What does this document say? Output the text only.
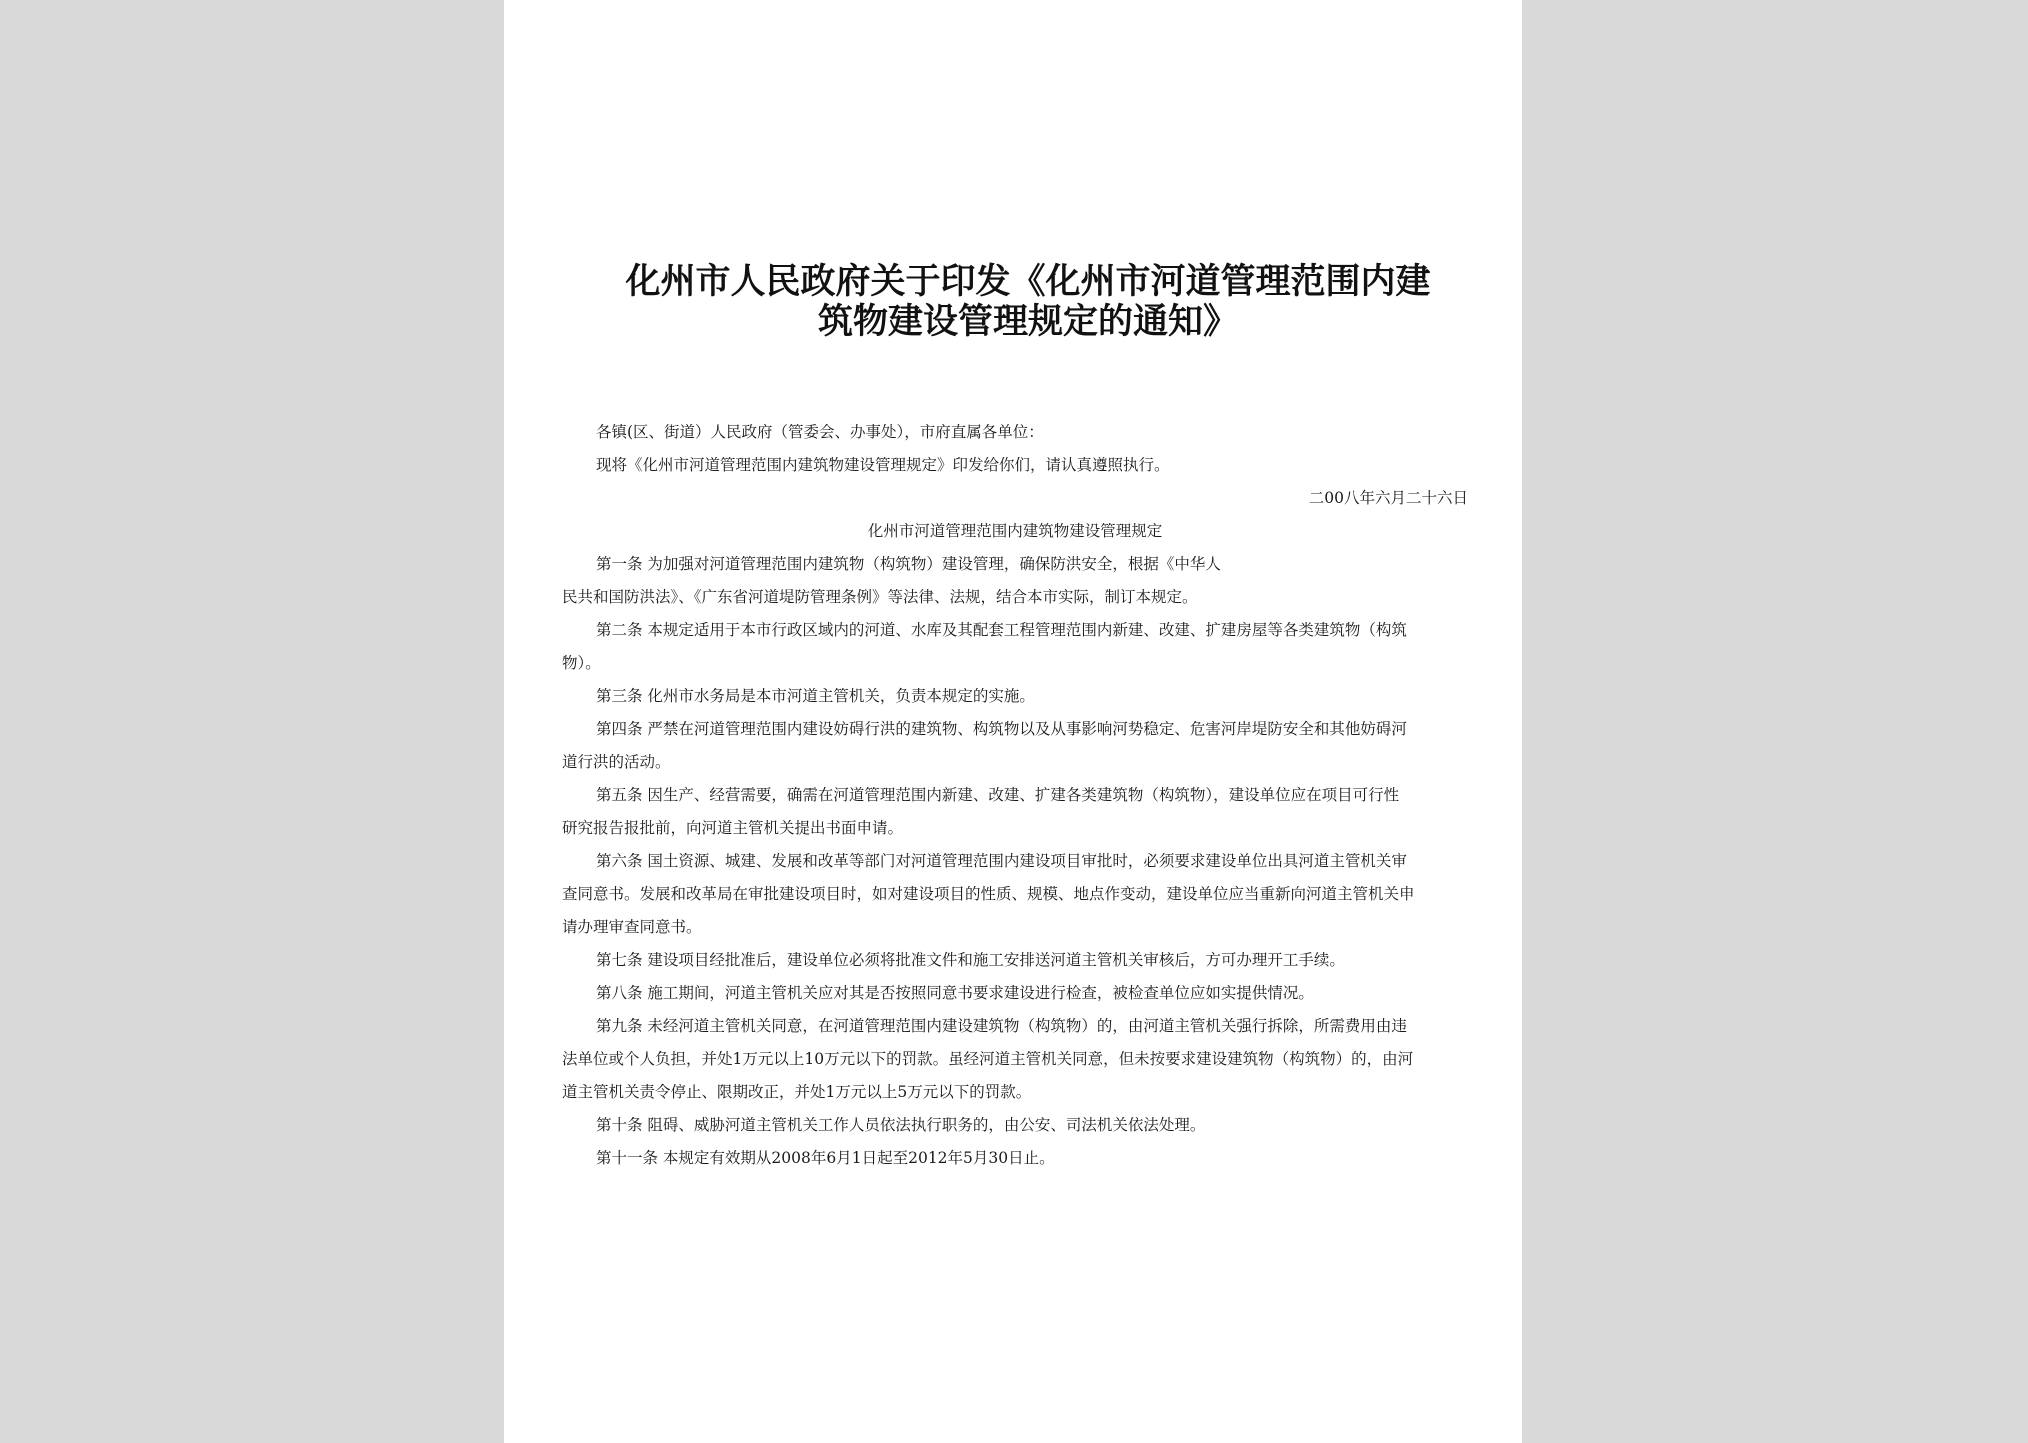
化州市人民政府关于印发《化州市河道管理范围内建
筑物建设管理规定的通知》
各镇(区、街道）人民政府（管委会、办事处），市府直属各单位：
现将《化州市河道管理范围内建筑物建设管理规定》印发给你们，请认真遵照执行。
二00八年六月二十六日
化州市河道管理范围内建筑物建设管理规定
第一条 为加强对河道管理范围内建筑物（构筑物）建设管理，确保防洪安全，根据《中华人
民共和国防洪法》、《广东省河道堤防管理条例》等法律、法规，结合本市实际，制订本规定。
第二条 本规定适用于本市行政区域内的河道、水库及其配套工程管理范围内新建、改建、扩建房屋等各类建筑物（构筑
物）。
第三条 化州市水务局是本市河道主管机关，负责本规定的实施。
第四条 严禁在河道管理范围内建设妨碍行洪的建筑物、构筑物以及从事影响河势稳定、危害河岸堤防安全和其他妨碍河
道行洪的活动。
第五条 因生产、经营需要，确需在河道管理范围内新建、改建、扩建各类建筑物（构筑物），建设单位应在项目可行性
研究报告报批前，向河道主管机关提出书面申请。
第六条 国土资源、城建、发展和改革等部门对河道管理范围内建设项目审批时，必须要求建设单位出具河道主管机关审
查同意书。发展和改革局在审批建设项目时，如对建设项目的性质、规模、地点作变动，建设单位应当重新向河道主管机关申
请办理审查同意书。
第七条 建设项目经批准后，建设单位必须将批准文件和施工安排送河道主管机关审核后，方可办理开工手续。
第八条 施工期间，河道主管机关应对其是否按照同意书要求建设进行检查，被检查单位应如实提供情况。
第九条 未经河道主管机关同意，在河道管理范围内建设建筑物（构筑物）的，由河道主管机关强行拆除，所需费用由违
法单位或个人负担，并处1万元以上10万元以下的罚款。虽经河道主管机关同意，但未按要求建设建筑物（构筑物）的，由河
道主管机关责令停止、限期改正，并处1万元以上5万元以下的罚款。
第十条 阻碍、威胁河道主管机关工作人员依法执行职务的，由公安、司法机关依法处理。
第十一条 本规定有效期从2008年6月1日起至2012年5月30日止。
